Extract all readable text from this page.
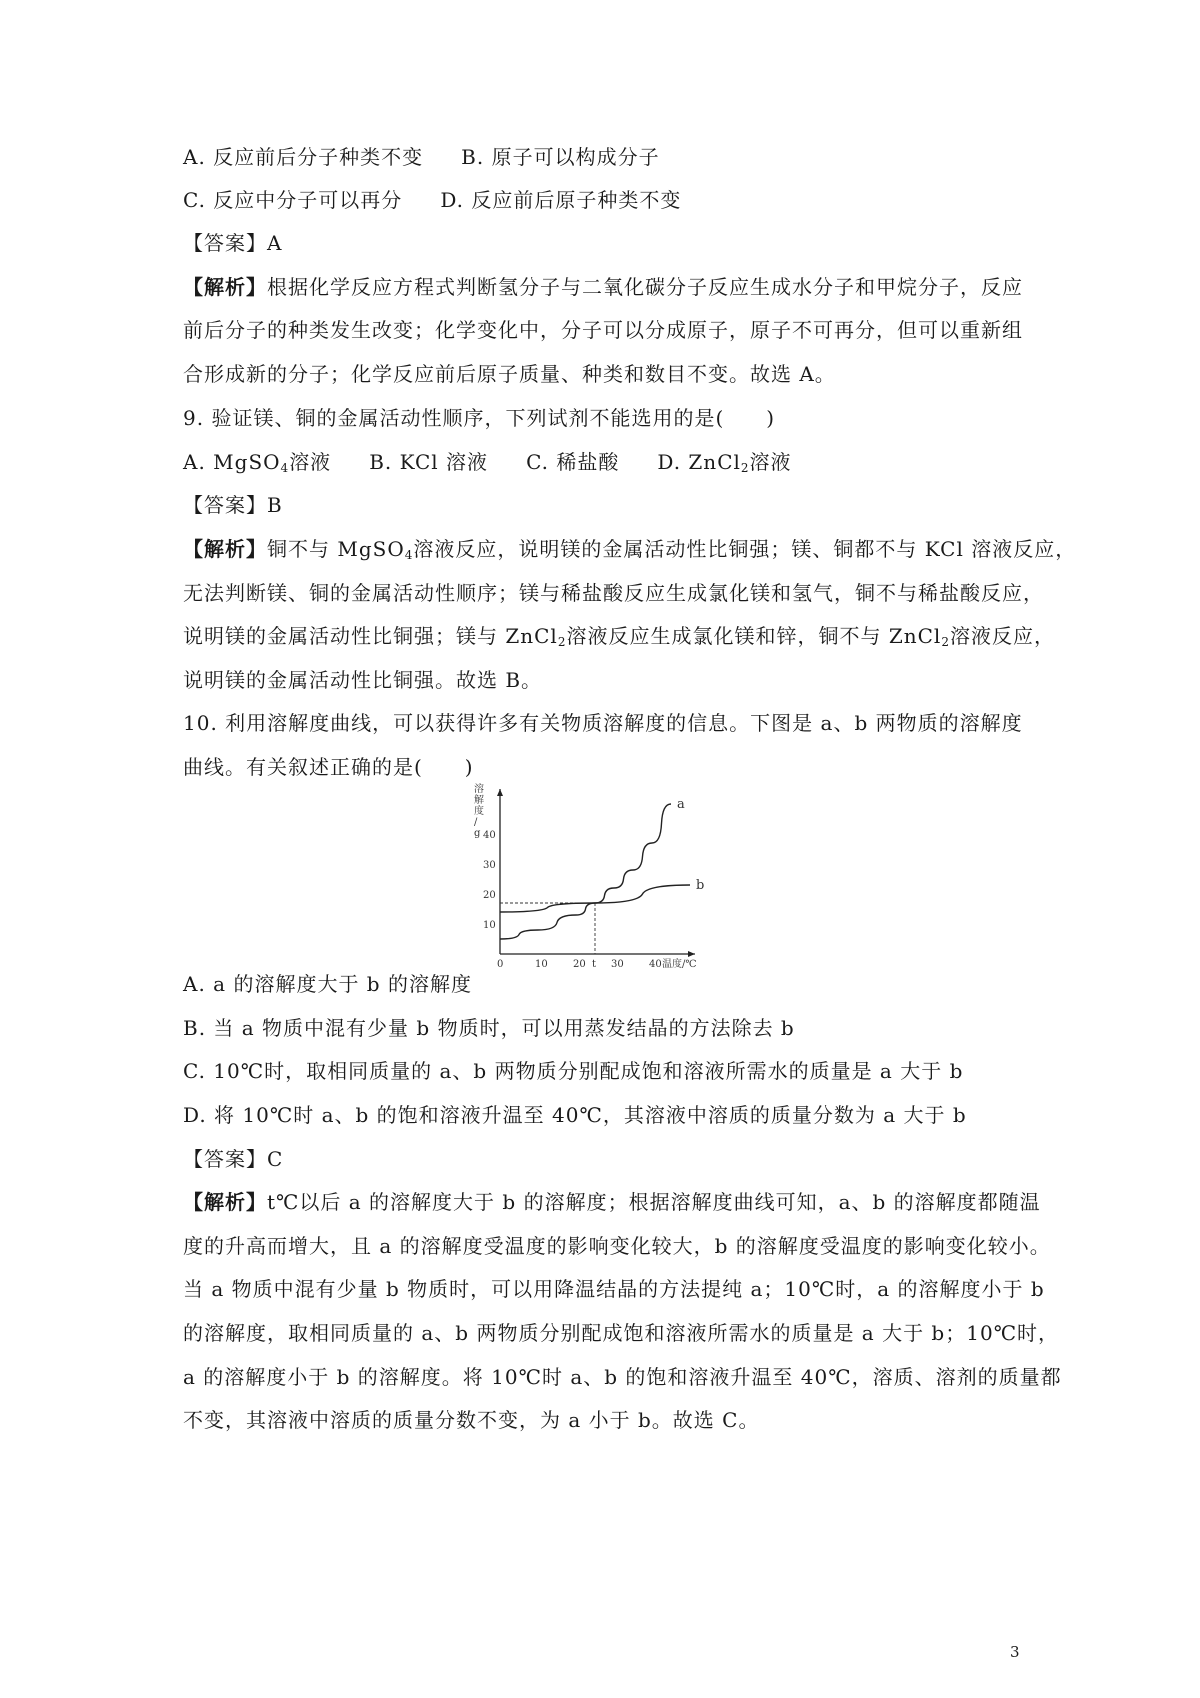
A. 反应前后分子种类不变 B. 原子可以构成分子
C. 反应中分子可以再分 D. 反应前后原子种类不变
【答案】A
【解析】根据化学反应方程式判断氢分子与二氧化碳分子反应生成水分子和甲烷分子，反应
前后分子的种类发生改变；化学变化中，分子可以分成原子，原子不可再分，但可以重新组
合形成新的分子；化学反应前后原子质量、种类和数目不变。故选 A。
9. 验证镁、铜的金属活动性顺序，下列试剂不能选用的是(　　)
A. MgSO$_4$溶液 B. KCl 溶液 C. 稀盐酸 D. ZnCl$_2$溶液
【答案】B
【解析】铜不与 MgSO$_4$溶液反应，说明镁的金属活动性比铜强；镁、铜都不与 KCl 溶液反应，
无法判断镁、铜的金属活动性顺序；镁与稀盐酸反应生成氯化镁和氢气，铜不与稀盐酸反应，
说明镁的金属活动性比铜强；镁与 ZnCl$_2$溶液反应生成氯化镁和锌，铜不与 ZnCl$_2$溶液反应，
说明镁的金属活动性比铜强。故选 B。
10. 利用溶解度曲线，可以获得许多有关物质溶解度的信息。下图是 a、b 两物质的溶解度
曲线。有关叙述正确的是(　　)
0	10	20 t 30	40
10
20
30
40
a
b
溶解度/ g
温度/℃
A. a 的溶解度大于 b 的溶解度
B. 当 a 物质中混有少量 b 物质时，可以用蒸发结晶的方法除去 b
C. 10℃时，取相同质量的 a、b 两物质分别配成饱和溶液所需水的质量是 a 大于 b
D. 将 10℃时 a、b 的饱和溶液升温至 40℃，其溶液中溶质的质量分数为 a 大于 b
【答案】C
【解析】t℃以后 a 的溶解度大于 b 的溶解度；根据溶解度曲线可知，a、b 的溶解度都随温
度的升高而增大，且 a 的溶解度受温度的影响变化较大，b 的溶解度受温度的影响变化较小。
当 a 物质中混有少量 b 物质时，可以用降温结晶的方法提纯 a；10℃时，a 的溶解度小于 b
的溶解度，取相同质量的 a、b 两物质分别配成饱和溶液所需水的质量是 a 大于 b；10℃时，
a 的溶解度小于 b 的溶解度。将 10℃时 a、b 的饱和溶液升温至 40℃，溶质、溶剂的质量都
不变，其溶液中溶质的质量分数不变，为 a 小于 b。故选 C。
3
